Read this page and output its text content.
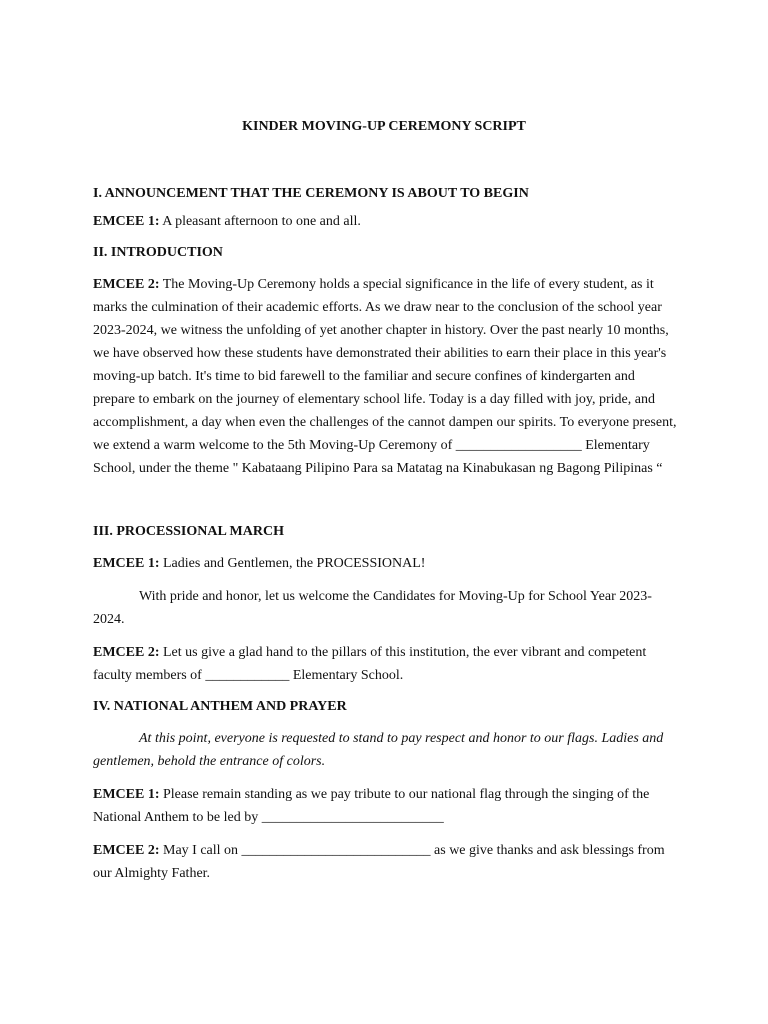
KINDER MOVING-UP CEREMONY SCRIPT

I. ANNOUNCEMENT THAT THE CEREMONY IS ABOUT TO BEGIN

EMCEE 1: A pleasant afternoon to one and all.

II. INTRODUCTION

EMCEE 2: The Moving-Up Ceremony holds a special significance in the life of every student, as it marks the culmination of their academic efforts. As we draw near to the conclusion of the school year 2023-2024, we witness the unfolding of yet another chapter in history. Over the past nearly 10 months, we have observed how these students have demonstrated their abilities to earn their place in this year's moving-up batch. It's time to bid farewell to the familiar and secure confines of kindergarten and prepare to embark on the journey of elementary school life. Today is a day filled with joy, pride, and accomplishment, a day when even the challenges of the cannot dampen our spirits. To everyone present, we extend a warm welcome to the 5th Moving-Up Ceremony of __________________ Elementary School, under the theme " Kabataang Pilipino Para sa Matatag na Kinabukasan ng Bagong Pilipinas “

III. PROCESSIONAL MARCH

EMCEE 1: Ladies and Gentlemen, the PROCESSIONAL!

With pride and honor, let us welcome the Candidates for Moving-Up for School Year 2023-2024.

EMCEE 2: Let us give a glad hand to the pillars of this institution, the ever vibrant and competent faculty members of ____________ Elementary School.

IV. NATIONAL ANTHEM AND PRAYER

At this point, everyone is requested to stand to pay respect and honor to our flags. Ladies and gentlemen, behold the entrance of colors.

EMCEE 1: Please remain standing as we pay tribute to our national flag through the singing of the National Anthem to be led by __________________________

EMCEE 2: May I call on ___________________________ as we give thanks and ask blessings from our Almighty Father.
